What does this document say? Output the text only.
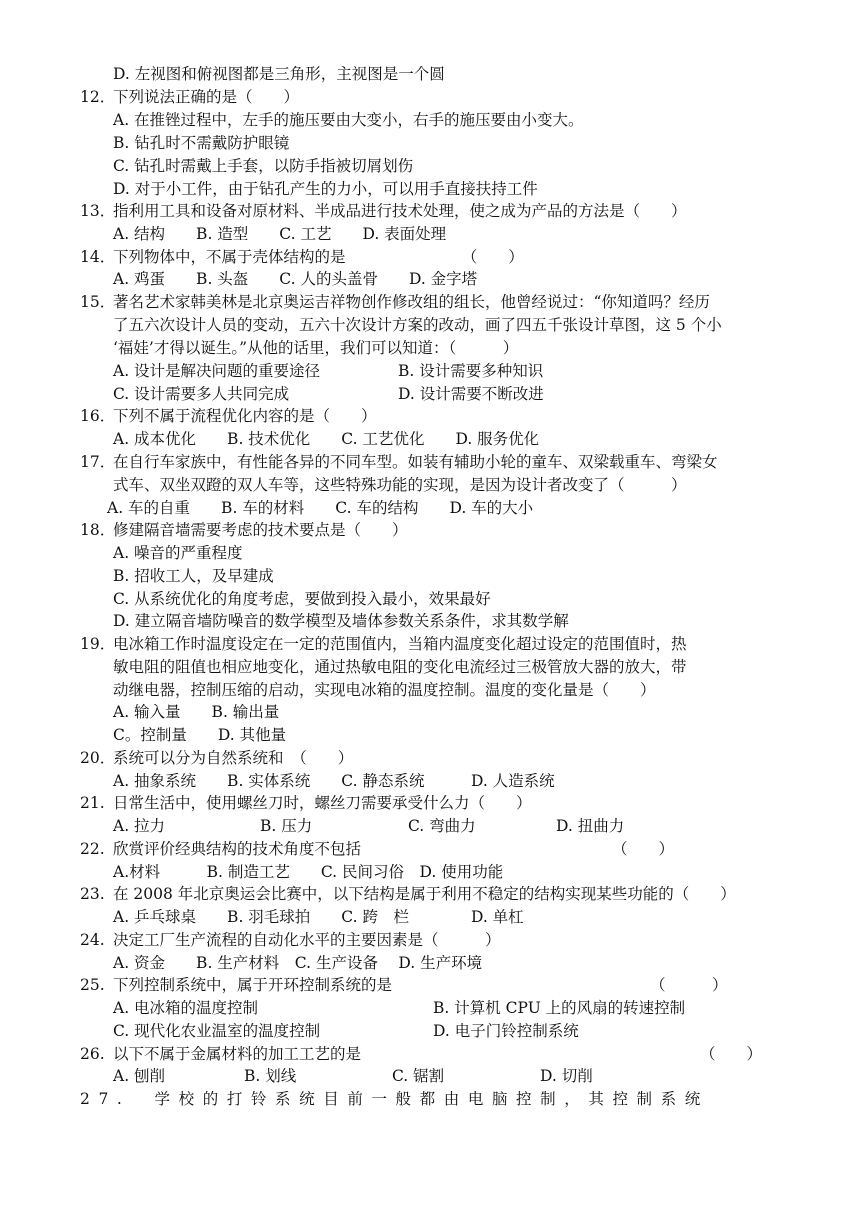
D. 左视图和俯视图都是三角形，主视图是一个圆
12．下列说法正确的是（　　）
A. 在推锉过程中，左手的施压要由大变小，右手的施压要由小变大。
B. 钻孔时不需戴防护眼镜
C. 钻孔时需戴上手套，以防手指被切屑划伤
D. 对于小工件，由于钻孔产生的力小，可以用手直接扶持工件
13．指利用工具和设备对原材料、半成品进行技术处理，使之成为产品的方法是（　　）
A. 结构　　B. 造型　　C. 工艺　　D. 表面处理
14．下列物体中，不属于壳体结构的是　　　　　　　　（　　）
A. 鸡蛋　　B. 头盔　　C. 人的头盖骨　　D. 金字塔
15．著名艺术家韩美林是北京奥运吉祥物创作修改组的组长，他曾经说过：“你知道吗？经历
了五六次设计人员的变动，五六十次设计方案的改动，画了四五千张设计草图，这 5 个小
‘福娃’才得以诞生。”从他的话里，我们可以知道：（　　　）
A. 设计是解决问题的重要途径	B. 设计需要多种知识
C. 设计需要多人共同完成	D. 设计需要不断改进
16．下列不属于流程优化内容的是（　　）
A. 成本优化　　B. 技术优化　　C. 工艺优化　　D. 服务优化
17．在自行车家族中，有性能各异的不同车型。如装有辅助小轮的童车、双梁载重车、弯梁女
式车、双坐双蹬的双人车等，这些特殊功能的实现，是因为设计者改变了（　　　）
A. 车的自重　　B. 车的材料　　C. 车的结构　　D. 车的大小
18．修建隔音墙需要考虑的技术要点是（　　）
A. 噪音的严重程度
B. 招收工人，及早建成
C. 从系统优化的角度考虑，要做到投入最小，效果最好
D. 建立隔音墙防噪音的数学模型及墙体参数关系条件，求其数学解
19．电冰箱工作时温度设定在一定的范围值内，当箱内温度变化超过设定的范围值时，热
敏电阻的阻值也相应地变化，通过热敏电阻的变化电流经过三极管放大器的放大，带
动继电器，控制压缩的启动，实现电冰箱的温度控制。温度的变化量是（　　）
A. 输入量　　B. 输出量
C。控制量　　D. 其他量
20．系统可以分为自然系统和　（　　）
A. 抽象系统　　B. 实体系统　　C. 静态系统　　　D. 人造系统
21. 日常生活中，使用螺丝刀时，螺丝刀需要承受什么力（　　）
A. 拉力	B. 压力	C. 弯曲力	D. 扭曲力
22. 欣赏评价经典结构的技术角度不包括	（　　）
A.材料　　　B. 制造工艺　　C. 民间习俗　D. 使用功能
23. 在 2008 年北京奥运会比赛中，以下结构是属于利用不稳定的结构实现某些功能的（　　）
A. 乒乓球桌　　B. 羽毛球拍　　C. 跨　栏　　　　D. 单杠
24. 决定工厂生产流程的自动化水平的主要因素是（　　　）
A. 资金　　B. 生产材料　C. 生产设备　 D. 生产环境
25. 下列控制系统中，属于开环控制系统的是	（　　　）
A. 电冰箱的温度控制	B. 计算机 CPU 上的风扇的转速控制
C. 现代化农业温室的温度控制	D. 电子门铃控制系统
26. 以下不属于金属材料的加工工艺的是	（　　）
A. 刨削	B. 划线	C. 锯割	D. 切削
27.　学校的打铃系统目前一般都由电脑控制，其控制系统
